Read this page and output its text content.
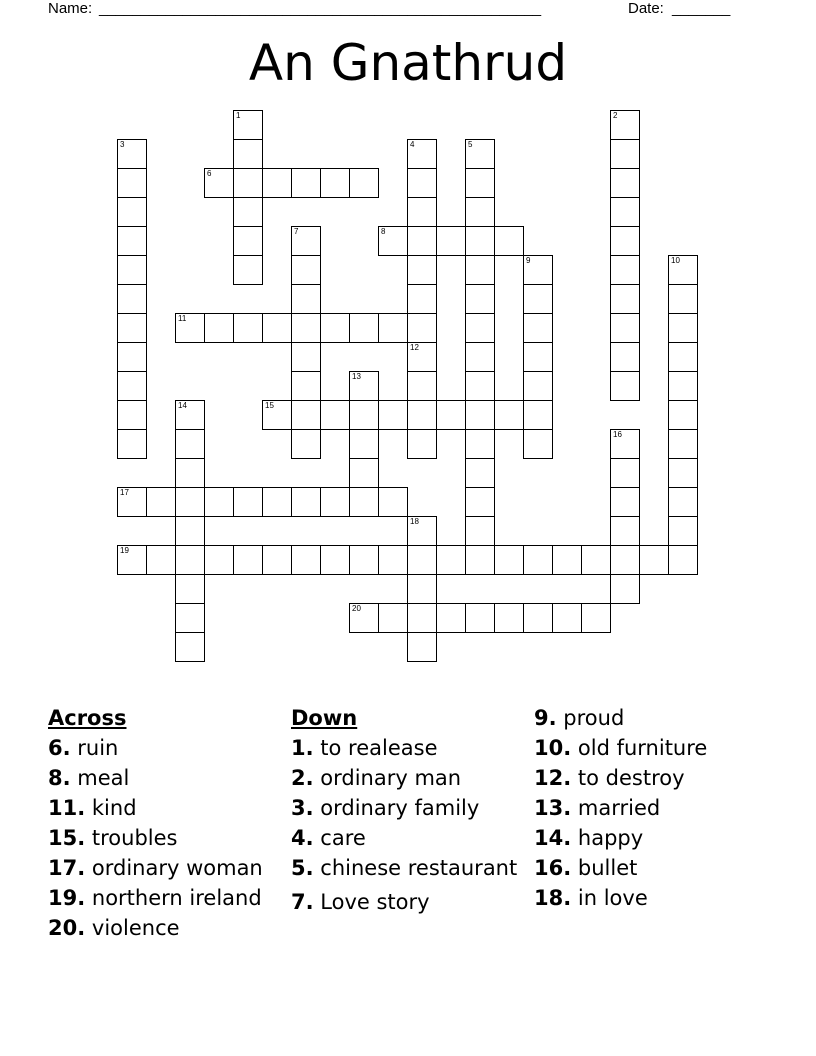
Name: _____________________________________________________	Date: _______
An Gnathrud
6
8
11
15
17
19
20
1	2
3	4
12
5
7
9	10
13
14
16
18
Across
6. ruin
8. meal
11. kind
15. troubles
17. ordinary woman
19. northern ireland
20. violence
Down
1. to realease
2. ordinary man
3. ordinary family
4. care
5. chinese restaurant
7. Love story
9. proud
10. old furniture
12. to destroy
13. married
14. happy
16. bullet
18. in love
